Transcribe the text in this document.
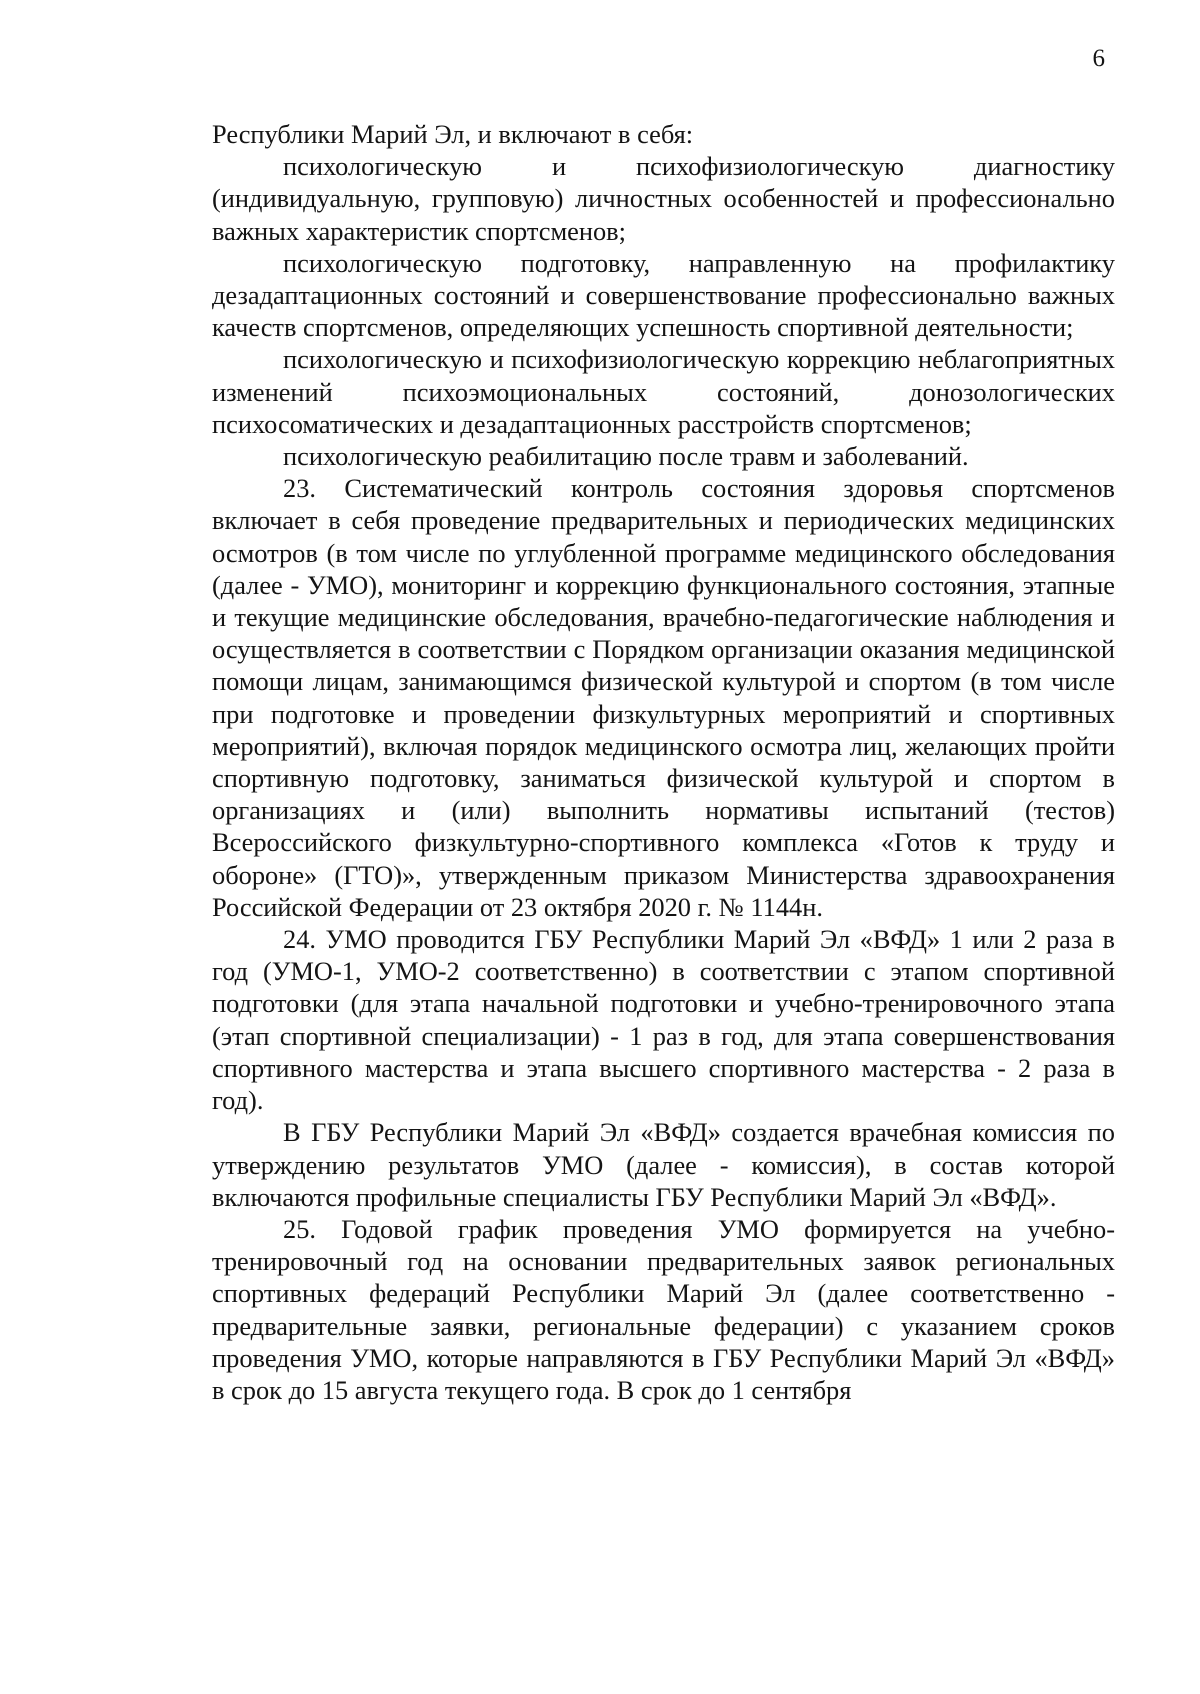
6

Республики Марий Эл, и включают в себя:

психологическую и психофизиологическую диагностику (индивидуальную, групповую) личностных особенностей и профессионально важных характеристик спортсменов;

психологическую подготовку, направленную на профилактику дезадаптационных состояний и совершенствование профессионально важных качеств спортсменов, определяющих успешность спортивной деятельности;

психологическую и психофизиологическую коррекцию неблагоприятных изменений психоэмоциональных состояний, донозологических психосоматических и дезадаптационных расстройств спортсменов;

психологическую реабилитацию после травм и заболеваний.

23. Систематический контроль состояния здоровья спортсменов включает в себя проведение предварительных и периодических медицинских осмотров (в том числе по углубленной программе медицинского обследования (далее - УМО), мониторинг и коррекцию функционального состояния, этапные и текущие медицинские обследования, врачебно-педагогические наблюдения и осуществляется в соответствии с Порядком организации оказания медицинской помощи лицам, занимающимся физической культурой и спортом (в том числе при подготовке и проведении физкультурных мероприятий и спортивных мероприятий), включая порядок медицинского осмотра лиц, желающих пройти спортивную подготовку, заниматься физической культурой и спортом в организациях и (или) выполнить нормативы испытаний (тестов) Всероссийского физкультурно-спортивного комплекса «Готов к труду и обороне» (ГТО)», утвержденным приказом Министерства здравоохранения Российской Федерации от 23 октября 2020 г. № 1144н.

24. УМО проводится ГБУ Республики Марий Эл «ВФД» 1 или 2 раза в год (УМО-1, УМО-2 соответственно) в соответствии с этапом спортивной подготовки (для этапа начальной подготовки и учебно-тренировочного этапа (этап спортивной специализации) - 1 раз в год, для этапа совершенствования спортивного мастерства и этапа высшего спортивного мастерства - 2 раза в год).

В ГБУ Республики Марий Эл «ВФД» создается врачебная комиссия по утверждению результатов УМО (далее - комиссия), в состав которой включаются профильные специалисты ГБУ Республики Марий Эл «ВФД».

25. Годовой график проведения УМО формируется на учебно-тренировочный год на основании предварительных заявок региональных спортивных федераций Республики Марий Эл (далее соответственно - предварительные заявки, региональные федерации) с указанием сроков проведения УМО, которые направляются в ГБУ Республики Марий Эл «ВФД» в срок до 15 августа текущего года. В срок до 1 сентября
